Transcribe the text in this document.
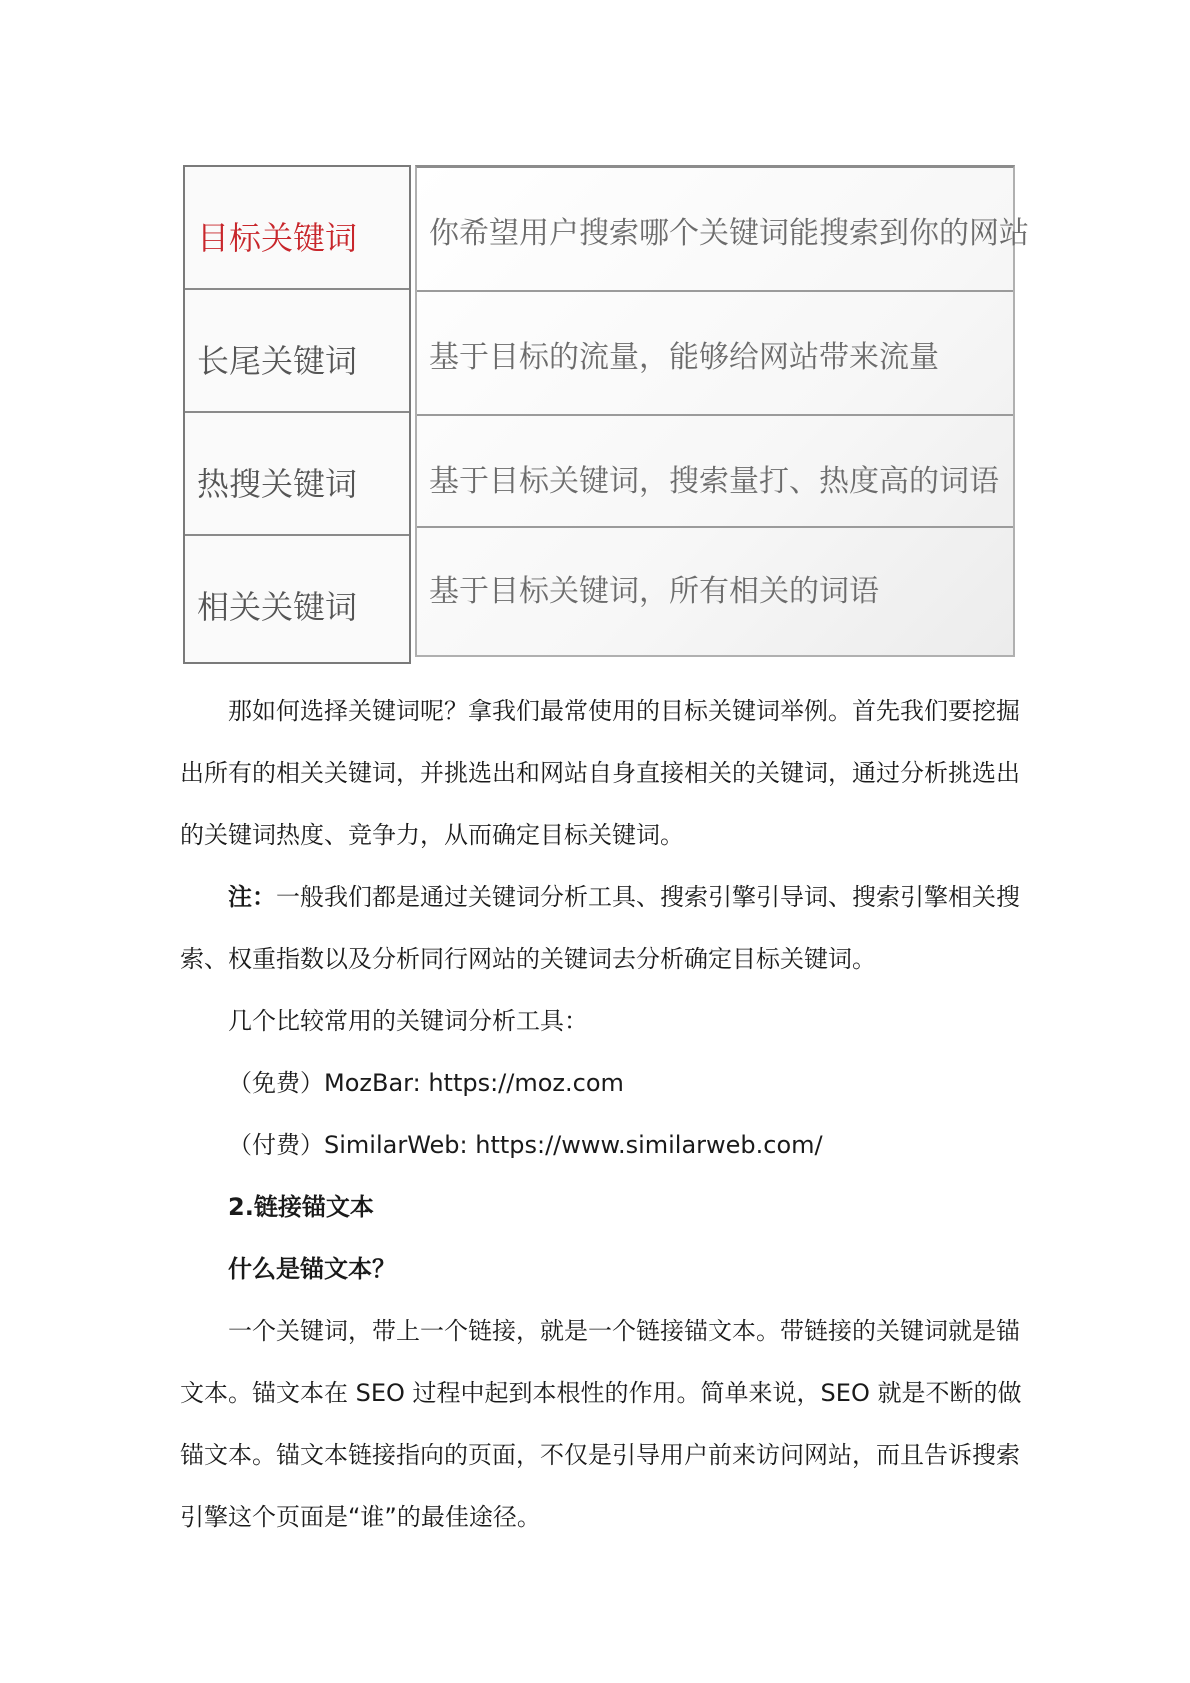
目标关键词
长尾关键词
热搜关键词
相关关键词
你希望用户搜索哪个关键词能搜索到你的网站
基于目标的流量，能够给网站带来流量
基于目标关键词，搜索量打、热度高的词语
基于目标关键词，所有相关的词语
那如何选择关键词呢？拿我们最常使用的目标关键词举例。首先我们要挖掘
出所有的相关关键词，并挑选出和网站自身直接相关的关键词，通过分析挑选出
的关键词热度、竞争力，从而确定目标关键词。
注：一般我们都是通过关键词分析工具、搜索引擎引导词、搜索引擎相关搜
索、权重指数以及分析同行网站的关键词去分析确定目标关键词。
几个比较常用的关键词分析工具：
（免费）MozBar: https://moz.com
（付费）SimilarWeb: https://www.similarweb.com/
2.链接锚文本
什么是锚文本？
一个关键词，带上一个链接，就是一个链接锚文本。带链接的关键词就是锚
文本。锚文本在 SEO 过程中起到本根性的作用。简单来说，SEO 就是不断的做
锚文本。锚文本链接指向的页面，不仅是引导用户前来访问网站，而且告诉搜索
引擎这个页面是“谁”的最佳途径。
